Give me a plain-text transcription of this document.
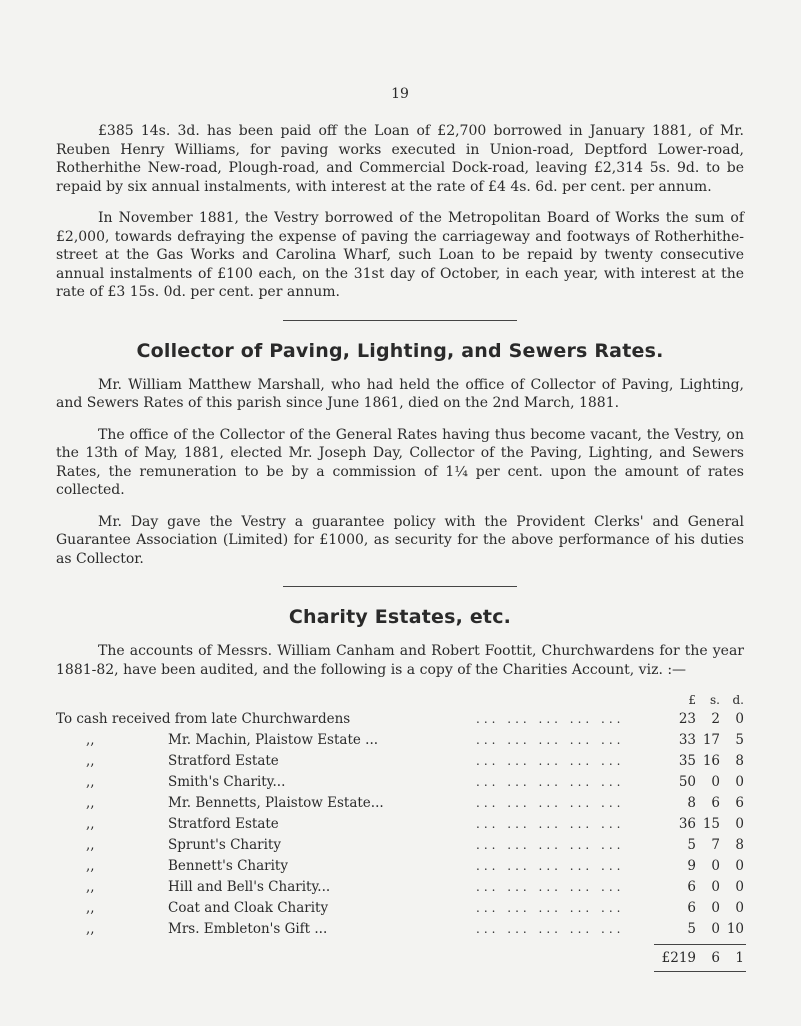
19

£385 14s. 3d. has been paid off the Loan of £2,700 borrowed in January 1881, of Mr. Reuben Henry Williams, for paving works executed in Union-road, Deptford Lower-road, Rotherhithe New-road, Plough-road, and Commercial Dock-road, leaving £2,314 5s. 9d. to be repaid by six annual instalments, with interest at the rate of £4 4s. 6d. per cent. per annum.

In November 1881, the Vestry borrowed of the Metropolitan Board of Works the sum of £2,000, towards defraying the expense of paving the carriageway and footways of Rotherhithe-street at the Gas Works and Carolina Wharf, such Loan to be repaid by twenty consecutive annual instalments of £100 each, on the 31st day of October, in each year, with interest at the rate of £3 15s. 0d. per cent. per annum.

Collector of Paving, Lighting, and Sewers Rates.

Mr. William Matthew Marshall, who had held the office of Collector of Paving, Lighting, and Sewers Rates of this parish since June 1861, died on the 2nd March, 1881.

The office of the Collector of the General Rates having thus become vacant, the Vestry, on the 13th of May, 1881, elected Mr. Joseph Day, Collector of the Paving, Lighting, and Sewers Rates, the remuneration to be by a commission of 1¼ per cent. upon the amount of rates collected.

Mr. Day gave the Vestry a guarantee policy with the Provident Clerks' and General Guarantee Association (Limited) for £1000, as security for the above performance of his duties as Collector.

Charity Estates, etc.

The accounts of Messrs. William Canham and Robert Foottit, Churchwardens for the year 1881-82, have been audited, and the following is a copy of the Charities Account, viz. :—

£	s.	d.
To cash received from late Churchwardens	... ... ... ... ...	23	2	0
,,	Mr. Machin, Plaistow Estate ...	... ... ... ... ...	33 17	5
,,	Stratford Estate	... ... ... ... ...	35 16	8
,,	Smith's Charity...	... ... ... ... ...	50	0	0
,,	Mr. Bennetts, Plaistow Estate...	... ... ... ... ...	8	6	6
,,	Stratford Estate	... ... ... ... ...	36 15	0
,,	Sprunt's Charity	... ... ... ... ...	5	7	8
,,	Bennett's Charity	... ... ... ... ...	9	0	0
,,	Hill and Bell's Charity...	... ... ... ... ...	6	0	0
,,	Coat and Cloak Charity	... ... ... ... ...	6	0	0
,,	Mrs. Embleton's Gift ...	... ... ... ... ...	5	0 10
£219	6	1
